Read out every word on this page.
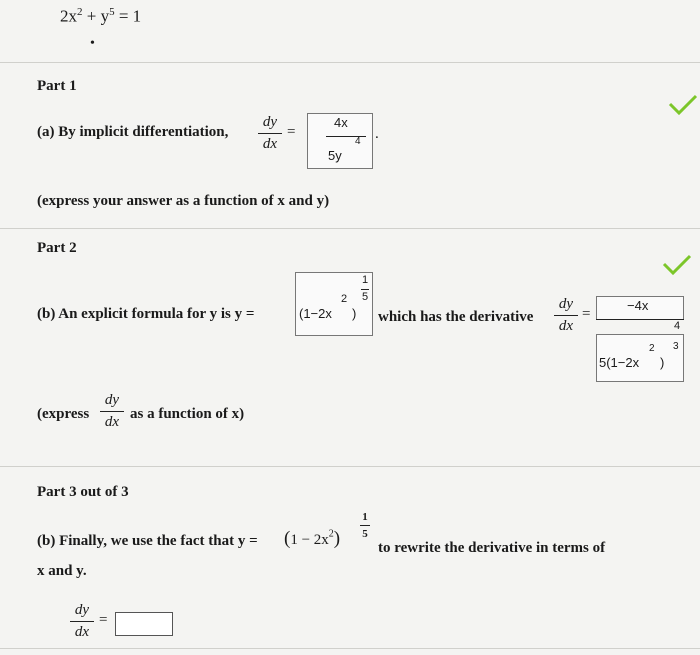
$2x^2 + y^5 = 1$
•
Part 1
(a) By implicit differentiation,
dy
dx
=
4x
4
5y
.
(express your answer as a function of x and y)
Part 2
(b) An explicit formula for y is y =
1
5
2
(1−2x ) which has the derivative
dy
dx
=
−4x
4
3
2
5(1−2x )
(express
dy
dx as a function of x)
Part 3 out of 3
(b) Finally, we use the fact that $y = (1 - 2x^2)$
1
5
to rewrite the derivative in terms of
x and y.
dy
dx
=
